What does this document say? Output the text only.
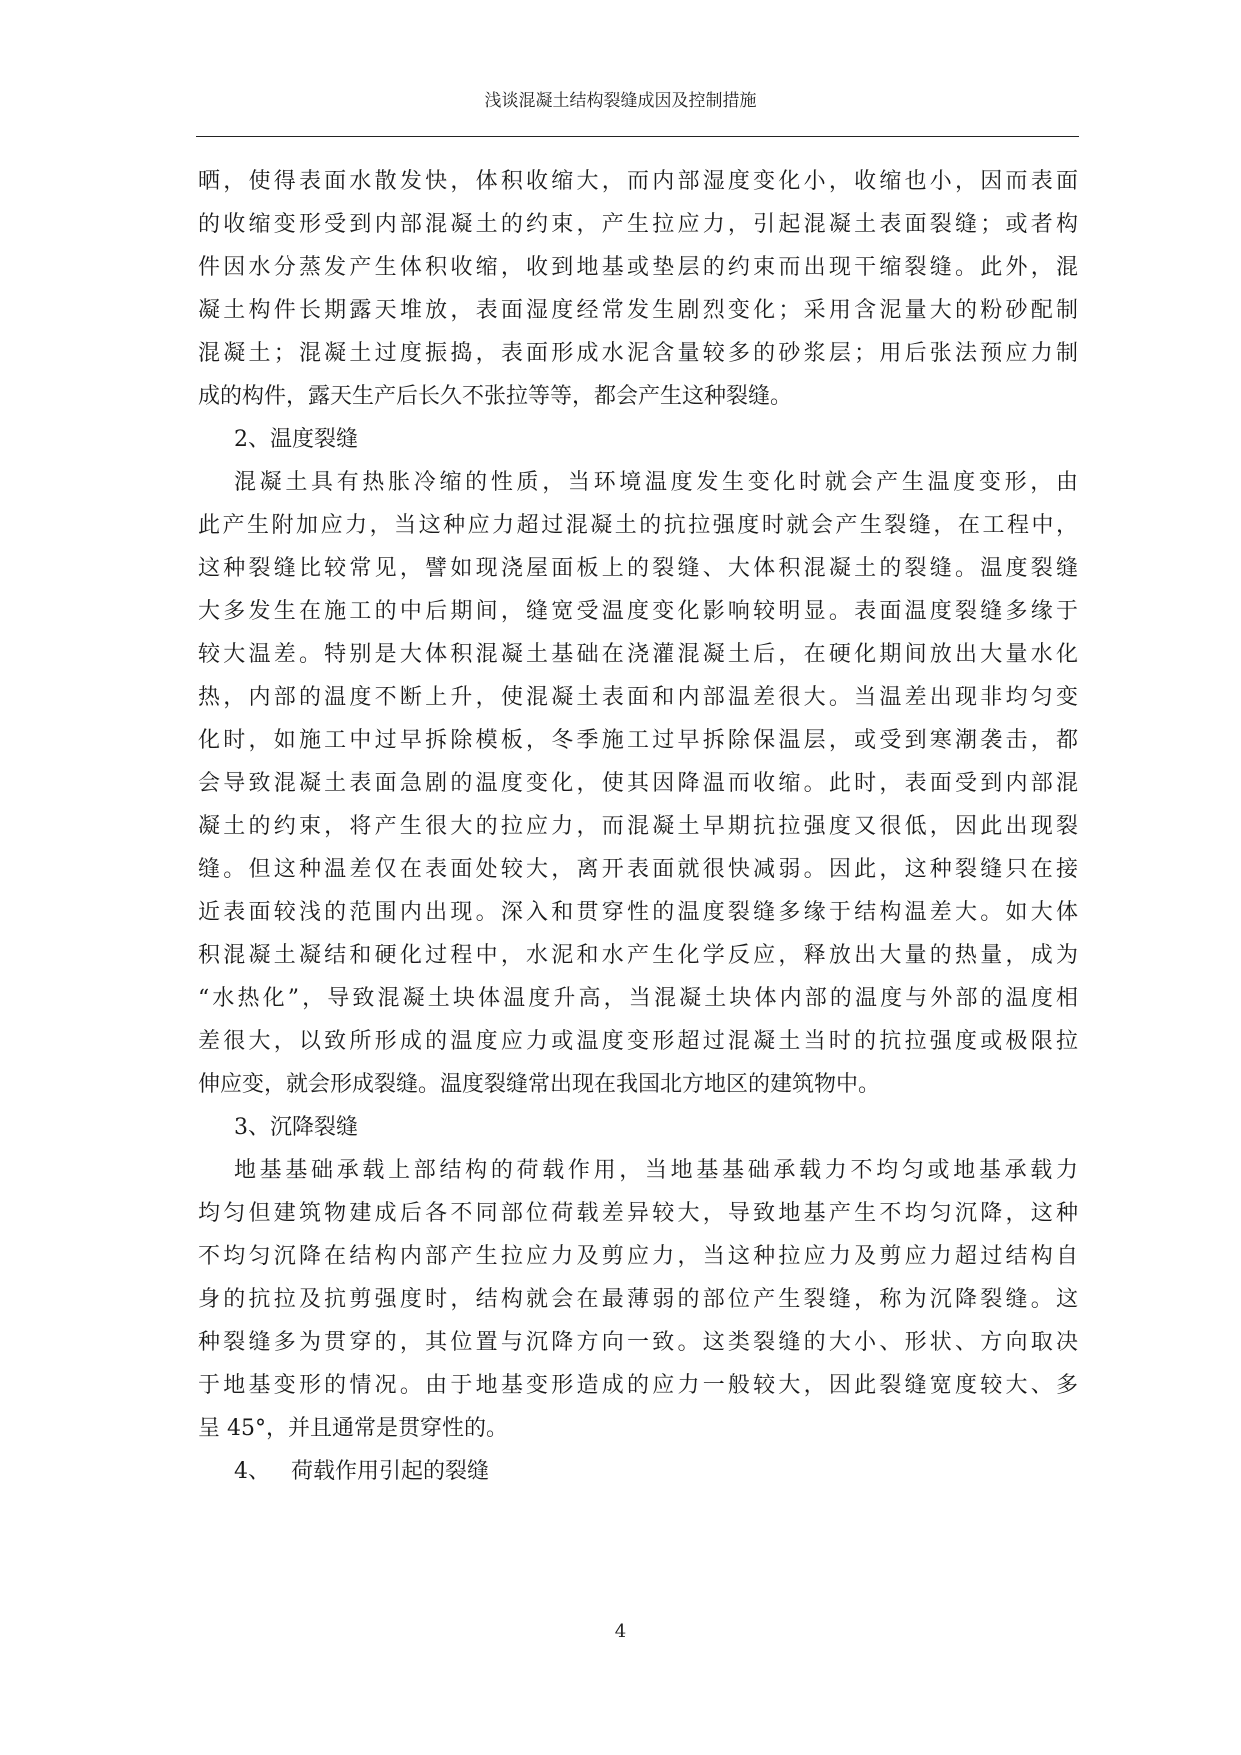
浅谈混凝土结构裂缝成因及控制措施
晒，使得表面水散发快，体积收缩大，而内部湿度变化小，收缩也小，因而表面
的收缩变形受到内部混凝土的约束，产生拉应力，引起混凝土表面裂缝；或者构
件因水分蒸发产生体积收缩，收到地基或垫层的约束而出现干缩裂缝。此外，混
凝土构件长期露天堆放，表面湿度经常发生剧烈变化；采用含泥量大的粉砂配制
混凝土；混凝土过度振捣，表面形成水泥含量较多的砂浆层；用后张法预应力制
成的构件，露天生产后长久不张拉等等，都会产生这种裂缝。
2、温度裂缝
混凝土具有热胀冷缩的性质，当环境温度发生变化时就会产生温度变形，由
此产生附加应力，当这种应力超过混凝土的抗拉强度时就会产生裂缝，在工程中，
这种裂缝比较常见，譬如现浇屋面板上的裂缝、大体积混凝土的裂缝。温度裂缝
大多发生在施工的中后期间，缝宽受温度变化影响较明显。表面温度裂缝多缘于
较大温差。特别是大体积混凝土基础在浇灌混凝土后，在硬化期间放出大量水化
热，内部的温度不断上升，使混凝土表面和内部温差很大。当温差出现非均匀变
化时，如施工中过早拆除模板，冬季施工过早拆除保温层，或受到寒潮袭击，都
会导致混凝土表面急剧的温度变化，使其因降温而收缩。此时，表面受到内部混
凝土的约束，将产生很大的拉应力，而混凝土早期抗拉强度又很低，因此出现裂
缝。但这种温差仅在表面处较大，离开表面就很快减弱。因此，这种裂缝只在接
近表面较浅的范围内出现。深入和贯穿性的温度裂缝多缘于结构温差大。如大体
积混凝土凝结和硬化过程中，水泥和水产生化学反应，释放出大量的热量，成为
“水热化”，导致混凝土块体温度升高，当混凝土块体内部的温度与外部的温度相
差很大，以致所形成的温度应力或温度变形超过混凝土当时的抗拉强度或极限拉
伸应变，就会形成裂缝。温度裂缝常出现在我国北方地区的建筑物中。
3、沉降裂缝
地基基础承载上部结构的荷载作用，当地基基础承载力不均匀或地基承载力
均匀但建筑物建成后各不同部位荷载差异较大，导致地基产生不均匀沉降，这种
不均匀沉降在结构内部产生拉应力及剪应力，当这种拉应力及剪应力超过结构自
身的抗拉及抗剪强度时，结构就会在最薄弱的部位产生裂缝，称为沉降裂缝。这
种裂缝多为贯穿的，其位置与沉降方向一致。这类裂缝的大小、形状、方向取决
于地基变形的情况。由于地基变形造成的应力一般较大，因此裂缝宽度较大、多
呈 45°，并且通常是贯穿性的。
4、   荷载作用引起的裂缝
4
